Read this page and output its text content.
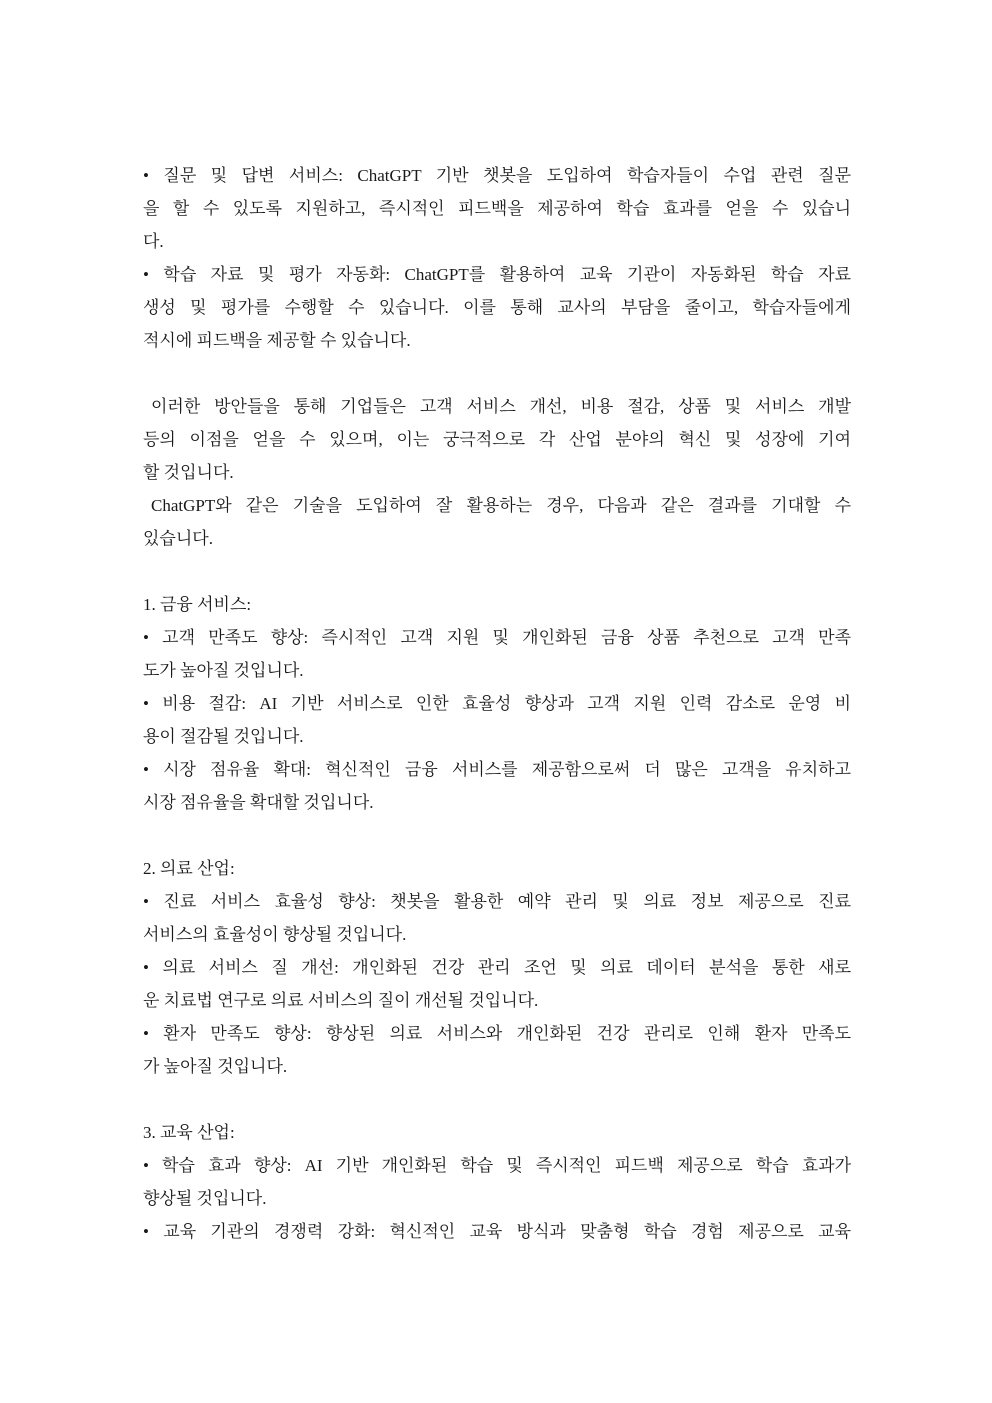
• 질문 및 답변 서비스: ChatGPT 기반 챗봇을 도입하여 학습자들이 수업 관련 질문
을 할 수 있도록 지원하고, 즉시적인 피드백을 제공하여 학습 효과를 얻을 수 있습니
다.
• 학습 자료 및 평가 자동화: ChatGPT를 활용하여 교육 기관이 자동화된 학습 자료
생성 및 평가를 수행할 수 있습니다. 이를 통해 교사의 부담을 줄이고, 학습자들에게
적시에 피드백을 제공할 수 있습니다.
이러한 방안들을 통해 기업들은 고객 서비스 개선, 비용 절감, 상품 및 서비스 개발
등의 이점을 얻을 수 있으며, 이는 궁극적으로 각 산업 분야의 혁신 및 성장에 기여
할 것입니다.
ChatGPT와 같은 기술을 도입하여 잘 활용하는 경우, 다음과 같은 결과를 기대할 수
있습니다.
1. 금융 서비스:
• 고객 만족도 향상: 즉시적인 고객 지원 및 개인화된 금융 상품 추천으로 고객 만족
도가 높아질 것입니다.
• 비용 절감: AI 기반 서비스로 인한 효율성 향상과 고객 지원 인력 감소로 운영 비
용이 절감될 것입니다.
• 시장 점유율 확대: 혁신적인 금융 서비스를 제공함으로써 더 많은 고객을 유치하고
시장 점유율을 확대할 것입니다.
2. 의료 산업:
• 진료 서비스 효율성 향상: 챗봇을 활용한 예약 관리 및 의료 정보 제공으로 진료
서비스의 효율성이 향상될 것입니다.
• 의료 서비스 질 개선: 개인화된 건강 관리 조언 및 의료 데이터 분석을 통한 새로
운 치료법 연구로 의료 서비스의 질이 개선될 것입니다.
• 환자 만족도 향상: 향상된 의료 서비스와 개인화된 건강 관리로 인해 환자 만족도
가 높아질 것입니다.
3. 교육 산업:
• 학습 효과 향상: AI 기반 개인화된 학습 및 즉시적인 피드백 제공으로 학습 효과가
향상될 것입니다.
• 교육 기관의 경쟁력 강화: 혁신적인 교육 방식과 맞춤형 학습 경험 제공으로 교육
